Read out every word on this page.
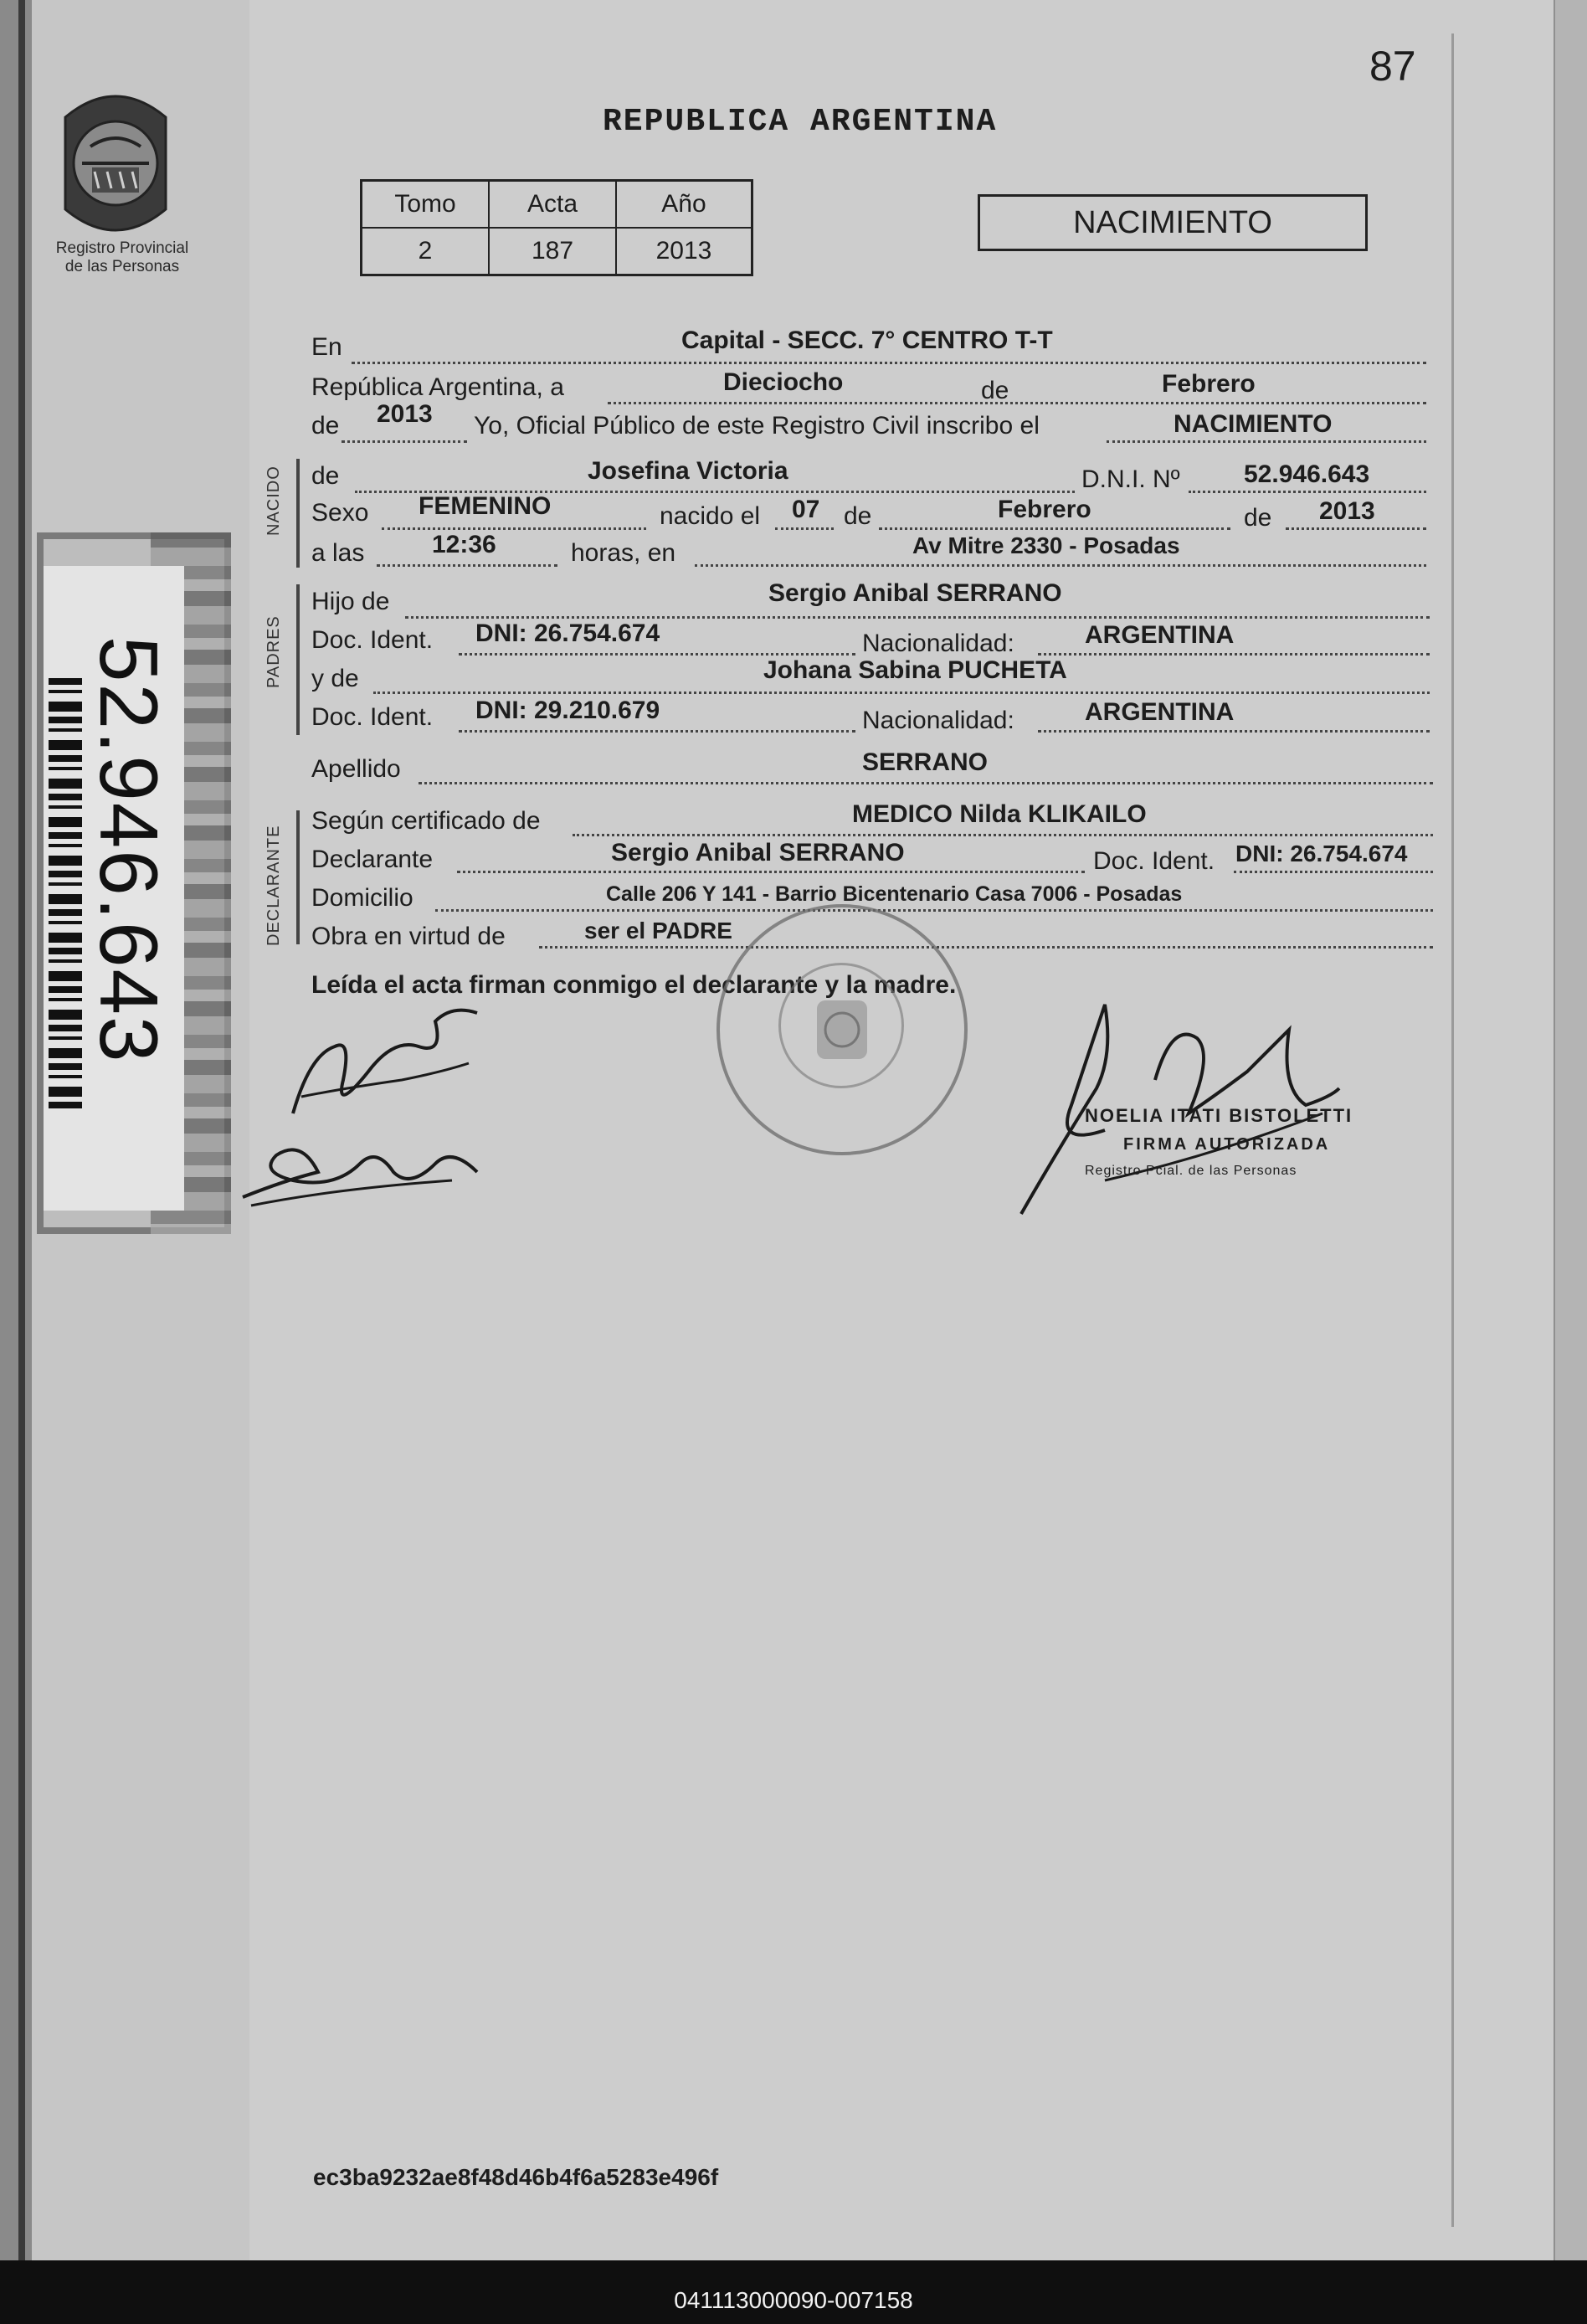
87
Registro Provincial
de las Personas
52.946.643
REPUBLICA ARGENTINA
Tomo	Acta	Año
2	187	2013
NACIMIENTO
NACIDO
PADRES
DECLARANTE
En	Capital - SECC. 7° CENTRO T-T
República Argentina, a	Dieciocho	de	Febrero
de 2013 Yo, Oficial Público de este Registro Civil inscribo el	NACIMIENTO
de	Josefina Victoria	D.N.I. Nº	52.946.643
Sexo FEMENINO	nacido el 07 de	Febrero	de 2013
a las	12:36	horas, en	Av Mitre 2330 - Posadas
Hijo de	Sergio Anibal SERRANO
Doc. Ident. DNI: 26.754.674	Nacionalidad:	ARGENTINA
y de	Johana Sabina PUCHETA
Doc. Ident. DNI: 29.210.679	Nacionalidad:	ARGENTINA
Apellido	SERRANO
Según certificado de	MEDICO Nilda KLIKAILO
Declarante	Sergio Anibal SERRANO	Doc. Ident. DNI: 26.754.674
Domicilio	Calle 206 Y 141 - Barrio Bicentenario Casa 7006 - Posadas
Obra en virtud de	ser el PADRE
Leída el acta firman conmigo el declarante y la madre.
NOELIA ITATI BISTOLETTI
FIRMA AUTORIZADA
Registro Pcial. de las Personas
ec3ba9232ae8f48d46b4f6a5283e496f
041113000090-007158
